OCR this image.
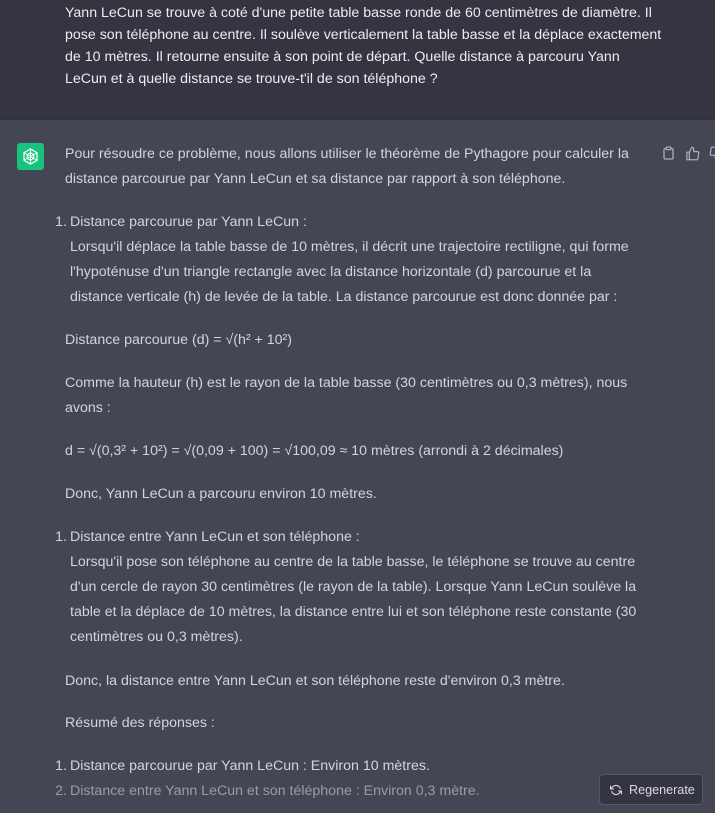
Yann LeCun se trouve à coté d'une petite table basse ronde de 60 centimètres de diamètre. Il pose son téléphone au centre. Il soulève verticalement la table basse et la déplace exactement de 10 mètres. Il retourne ensuite à son point de départ. Quelle distance à parcouru Yann LeCun et à quelle distance se trouve-t'il de son téléphone ?

Pour résoudre ce problème, nous allons utiliser le théorème de Pythagore pour calculer la distance parcourue par Yann LeCun et sa distance par rapport à son téléphone.

1. Distance parcourue par Yann LeCun :
Lorsqu'il déplace la table basse de 10 mètres, il décrit une trajectoire rectiligne, qui forme l'hypoténuse d'un triangle rectangle avec la distance horizontale (d) parcourue et la distance verticale (h) de levée de la table. La distance parcourue est donc donnée par :

Distance parcourue (d) = √(h² + 10²)

Comme la hauteur (h) est le rayon de la table basse (30 centimètres ou 0,3 mètres), nous avons :

d = √(0,3² + 10²) = √(0,09 + 100) = √100,09 ≈ 10 mètres (arrondi à 2 décimales)

Donc, Yann LeCun a parcouru environ 10 mètres.

1. Distance entre Yann LeCun et son téléphone :
Lorsqu'il pose son téléphone au centre de la table basse, le téléphone se trouve au centre d'un cercle de rayon 30 centimètres (le rayon de la table). Lorsque Yann LeCun soulève la table et la déplace de 10 mètres, la distance entre lui et son téléphone reste constante (30 centimètres ou 0,3 mètres).

Donc, la distance entre Yann LeCun et son téléphone reste d'environ 0,3 mètre.

Résumé des réponses :

1. Distance parcourue par Yann LeCun : Environ 10 mètres.
2. Distance entre Yann LeCun et son téléphone : Environ 0,3 mètre.	Regenerate
